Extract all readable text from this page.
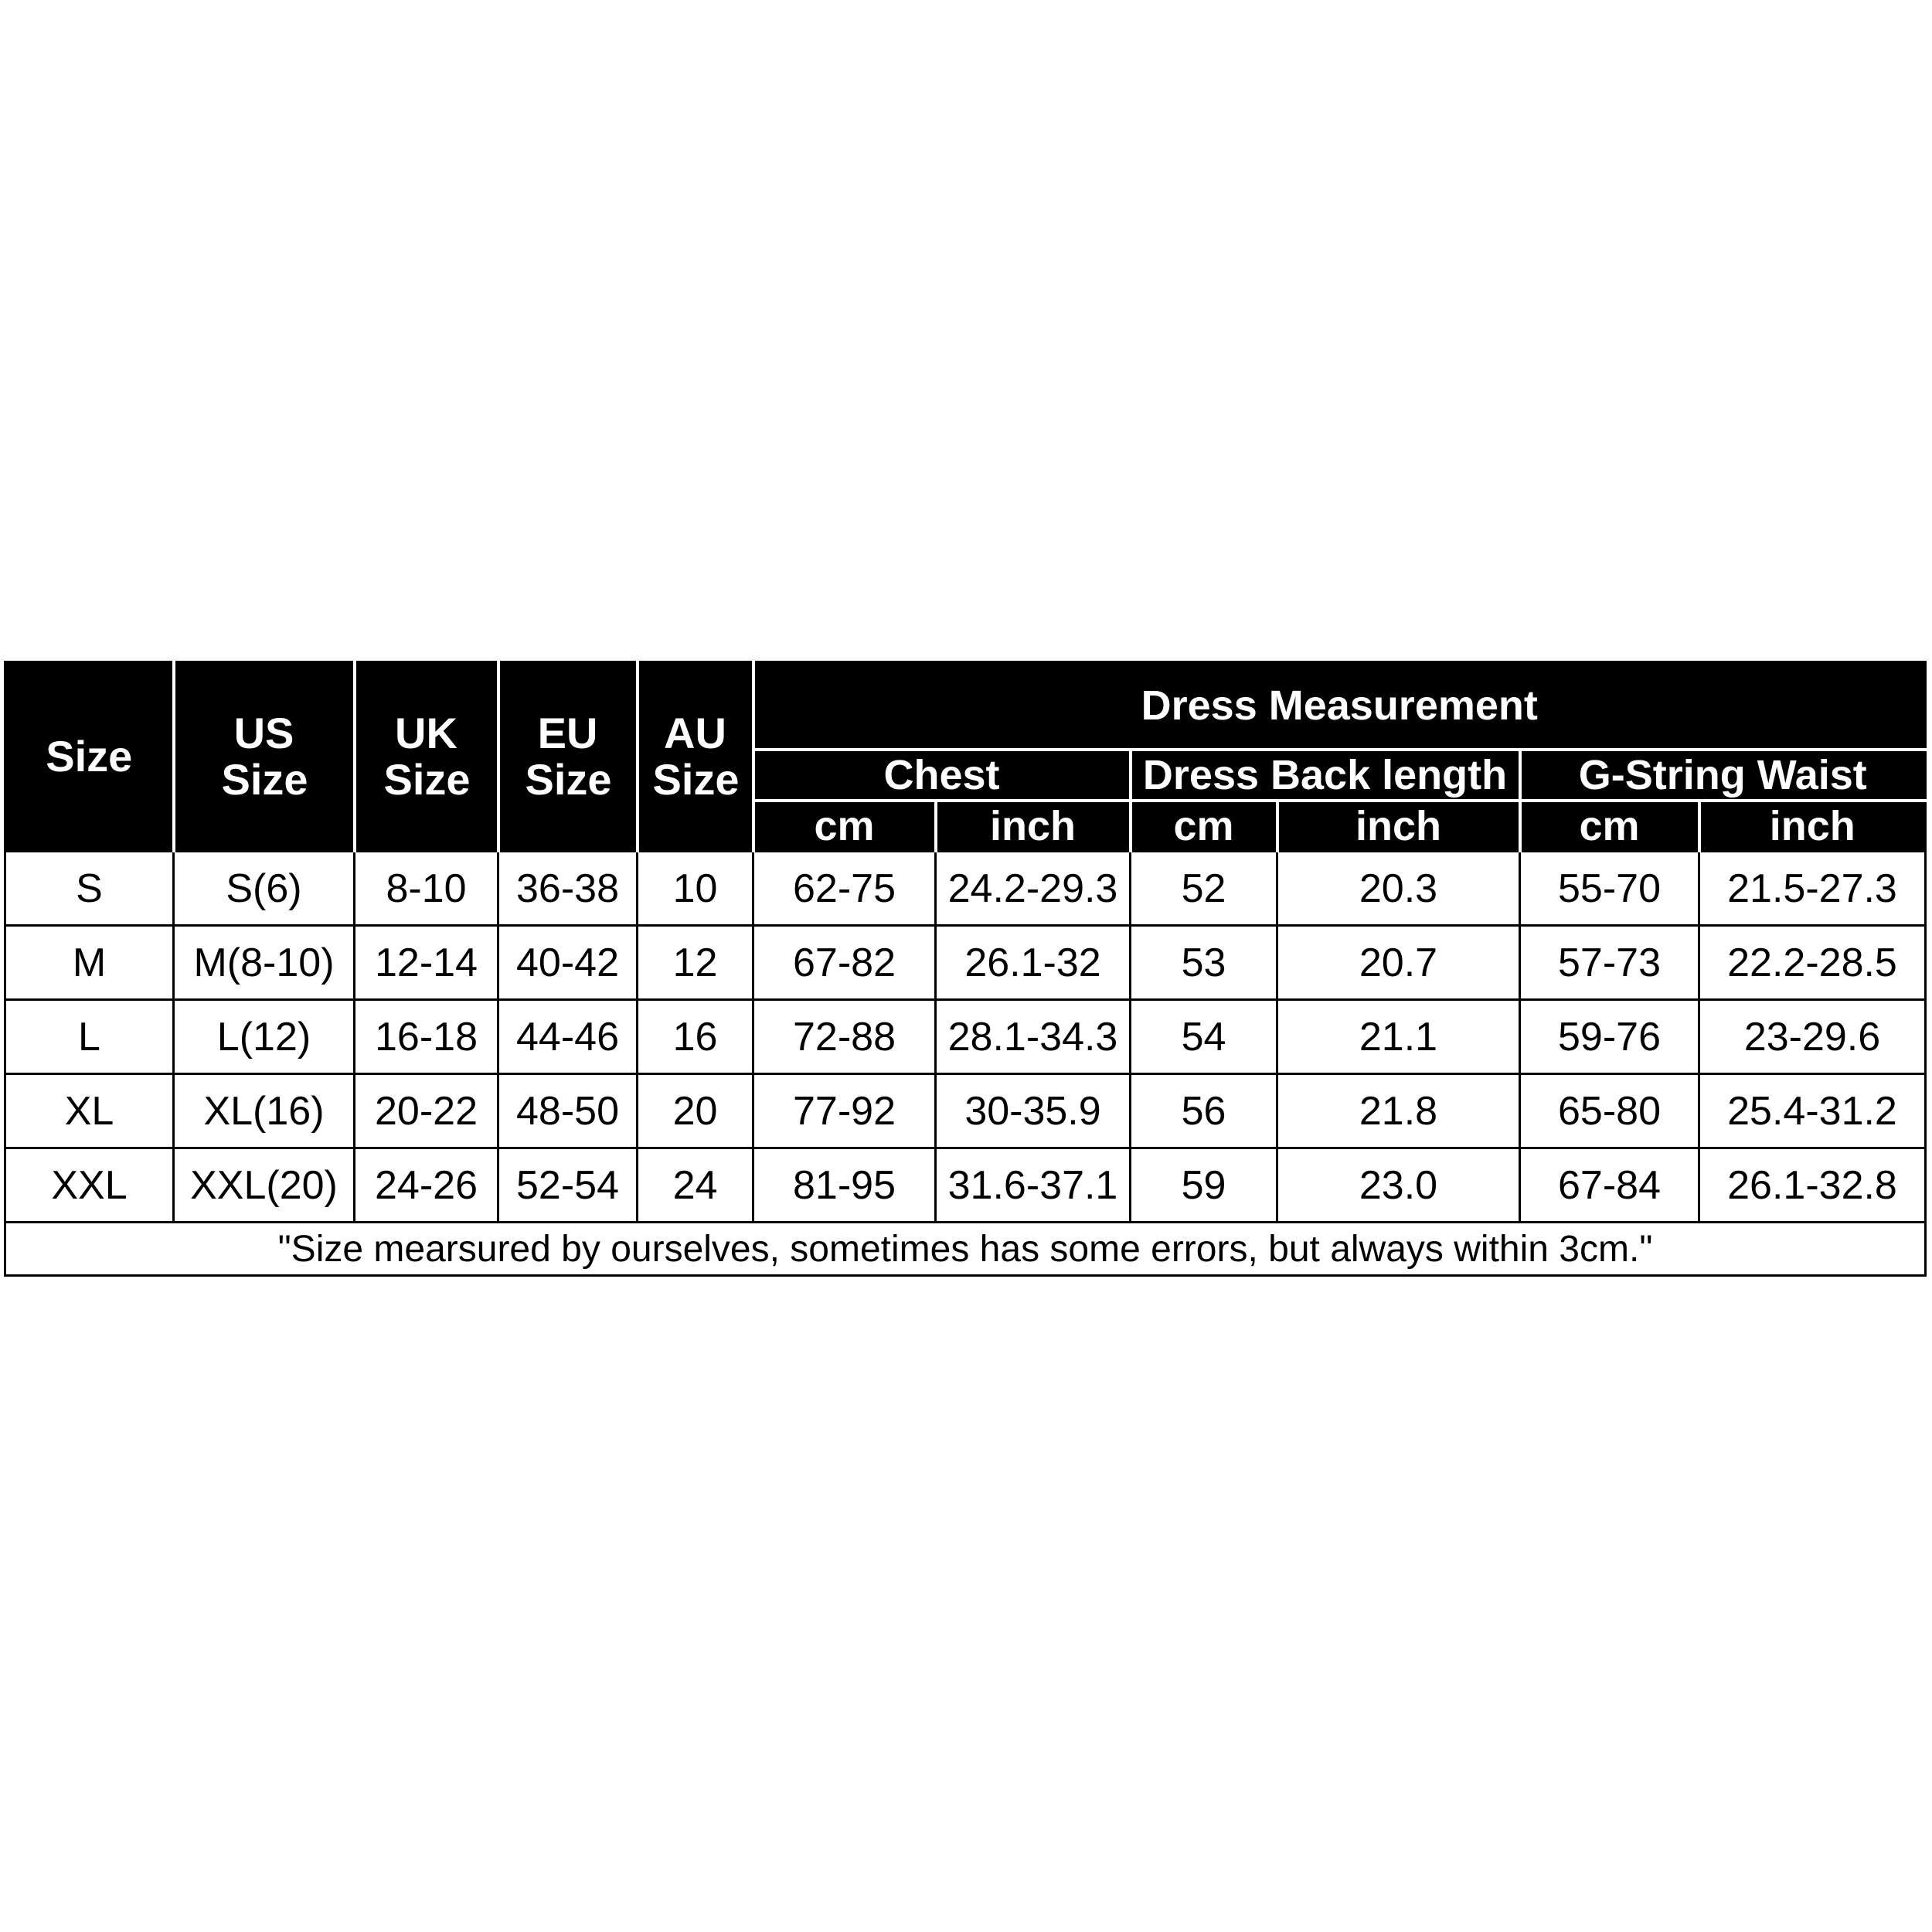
Size	US Size	UK Size	EU Size	AU Size	Dress Measurement					
					Chest		Dress Back length		G-String Waist	
					cm	inch	cm	inch	cm	inch
S	S(6)	8-10	36-38	10	62-75	24.2-29.3	52	20.3	55-70	21.5-27.3
M	M(8-10)	12-14	40-42	12	67-82	26.1-32	53	20.7	57-73	22.2-28.5
L	L(12)	16-18	44-46	16	72-88	28.1-34.3	54	21.1	59-76	23-29.6
XL	XL(16)	20-22	48-50	20	77-92	30-35.9	56	21.8	65-80	25.4-31.2
XXL	XXL(20)	24-26	52-54	24	81-95	31.6-37.1	59	23.0	67-84	26.1-32.8
"Size mearsured by ourselves, sometimes has some errors, but always within 3cm."										
